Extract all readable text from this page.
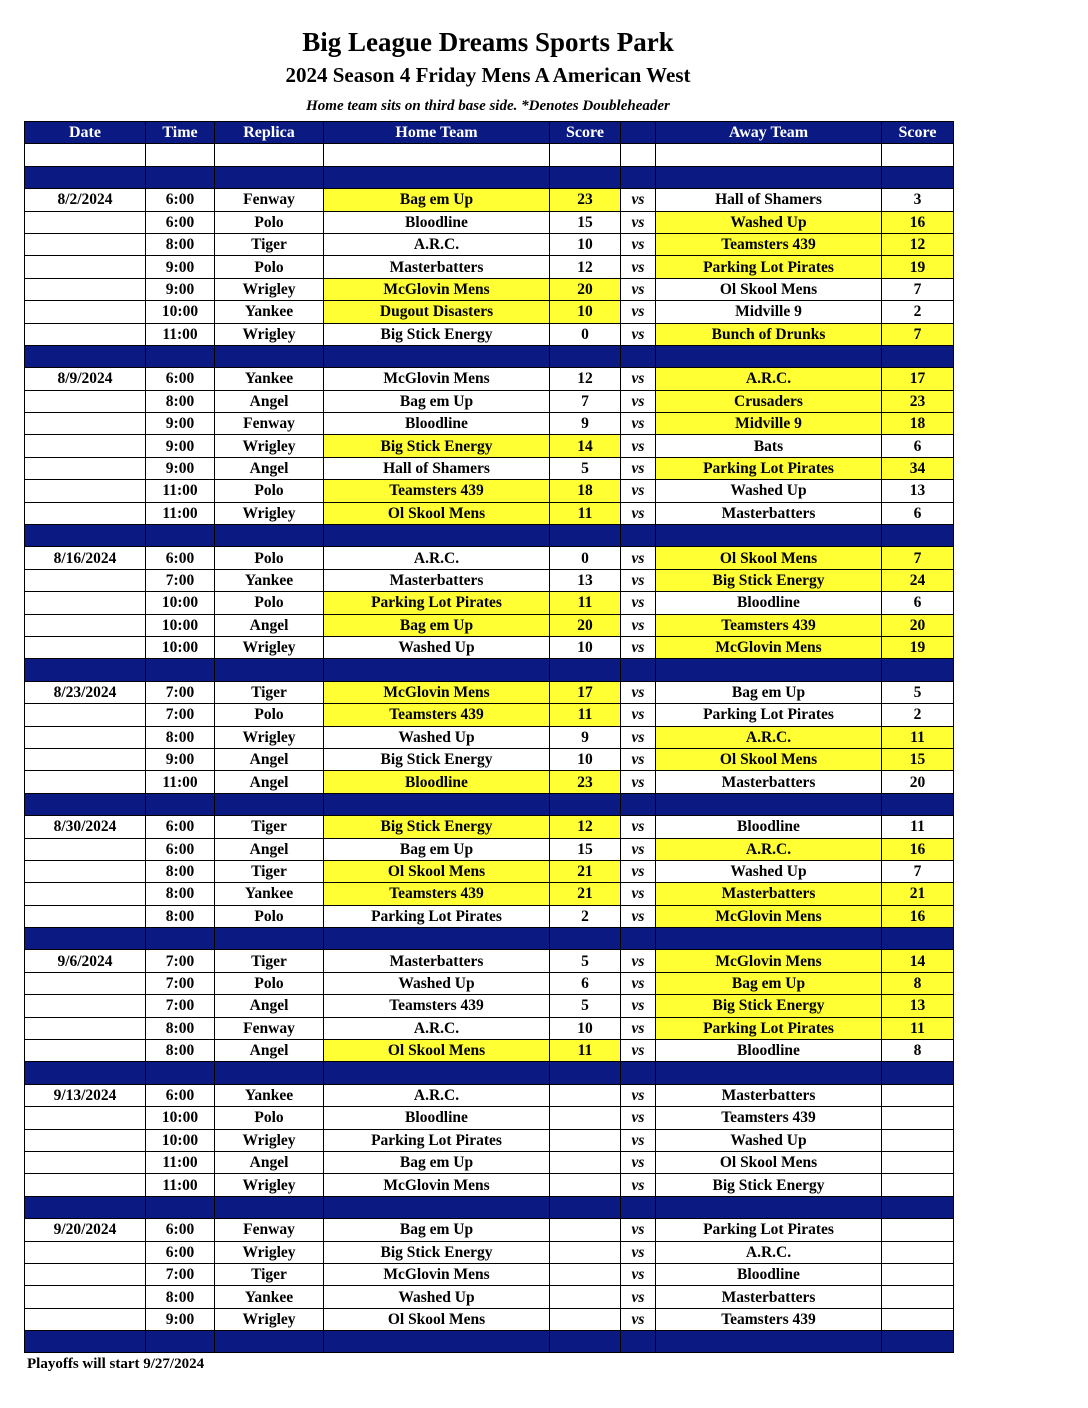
Big League Dreams Sports Park
2024 Season 4 Friday Mens A American West
Home team sits on third base side. *Denotes Doubleheader
Date	Time	Replica	Home Team	Score		Away Team	Score

8/2/2024	6:00	Fenway	Bag em Up	23	vs	Hall of Shamers	3
	6:00	Polo	Bloodline	15	vs	Washed Up	16
	8:00	Tiger	A.R.C.	10	vs	Teamsters 439	12
	9:00	Polo	Masterbatters	12	vs	Parking Lot Pirates	19
	9:00	Wrigley	McGlovin Mens	20	vs	Ol Skool Mens	7
	10:00	Yankee	Dugout Disasters	10	vs	Midville 9	2
	11:00	Wrigley	Big Stick Energy	0	vs	Bunch of Drunks	7

8/9/2024	6:00	Yankee	McGlovin Mens	12	vs	A.R.C.	17
	8:00	Angel	Bag em Up	7	vs	Crusaders	23
	9:00	Fenway	Bloodline	9	vs	Midville 9	18
	9:00	Wrigley	Big Stick Energy	14	vs	Bats	6
	9:00	Angel	Hall of Shamers	5	vs	Parking Lot Pirates	34
	11:00	Polo	Teamsters 439	18	vs	Washed Up	13
	11:00	Wrigley	Ol Skool Mens	11	vs	Masterbatters	6

8/16/2024	6:00	Polo	A.R.C.	0	vs	Ol Skool Mens	7
	7:00	Yankee	Masterbatters	13	vs	Big Stick Energy	24
	10:00	Polo	Parking Lot Pirates	11	vs	Bloodline	6
	10:00	Angel	Bag em Up	20	vs	Teamsters 439	20
	10:00	Wrigley	Washed Up	10	vs	McGlovin Mens	19

8/23/2024	7:00	Tiger	McGlovin Mens	17	vs	Bag em Up	5
	7:00	Polo	Teamsters 439	11	vs	Parking Lot Pirates	2
	8:00	Wrigley	Washed Up	9	vs	A.R.C.	11
	9:00	Angel	Big Stick Energy	10	vs	Ol Skool Mens	15
	11:00	Angel	Bloodline	23	vs	Masterbatters	20

8/30/2024	6:00	Tiger	Big Stick Energy	12	vs	Bloodline	11
	6:00	Angel	Bag em Up	15	vs	A.R.C.	16
	8:00	Tiger	Ol Skool Mens	21	vs	Washed Up	7
	8:00	Yankee	Teamsters 439	21	vs	Masterbatters	21
	8:00	Polo	Parking Lot Pirates	2	vs	McGlovin Mens	16

9/6/2024	7:00	Tiger	Masterbatters	5	vs	McGlovin Mens	14
	7:00	Polo	Washed Up	6	vs	Bag em Up	8
	7:00	Angel	Teamsters 439	5	vs	Big Stick Energy	13
	8:00	Fenway	A.R.C.	10	vs	Parking Lot Pirates	11
	8:00	Angel	Ol Skool Mens	11	vs	Bloodline	8

9/13/2024	6:00	Yankee	A.R.C.		vs	Masterbatters	
	10:00	Polo	Bloodline		vs	Teamsters 439	
	10:00	Wrigley	Parking Lot Pirates		vs	Washed Up	
	11:00	Angel	Bag em Up		vs	Ol Skool Mens	
	11:00	Wrigley	McGlovin Mens		vs	Big Stick Energy	

9/20/2024	6:00	Fenway	Bag em Up		vs	Parking Lot Pirates	
	6:00	Wrigley	Big Stick Energy		vs	A.R.C.	
	7:00	Tiger	McGlovin Mens		vs	Bloodline	
	8:00	Yankee	Washed Up		vs	Masterbatters	
	9:00	Wrigley	Ol Skool Mens		vs	Teamsters 439	

Playoffs will start 9/27/2024
